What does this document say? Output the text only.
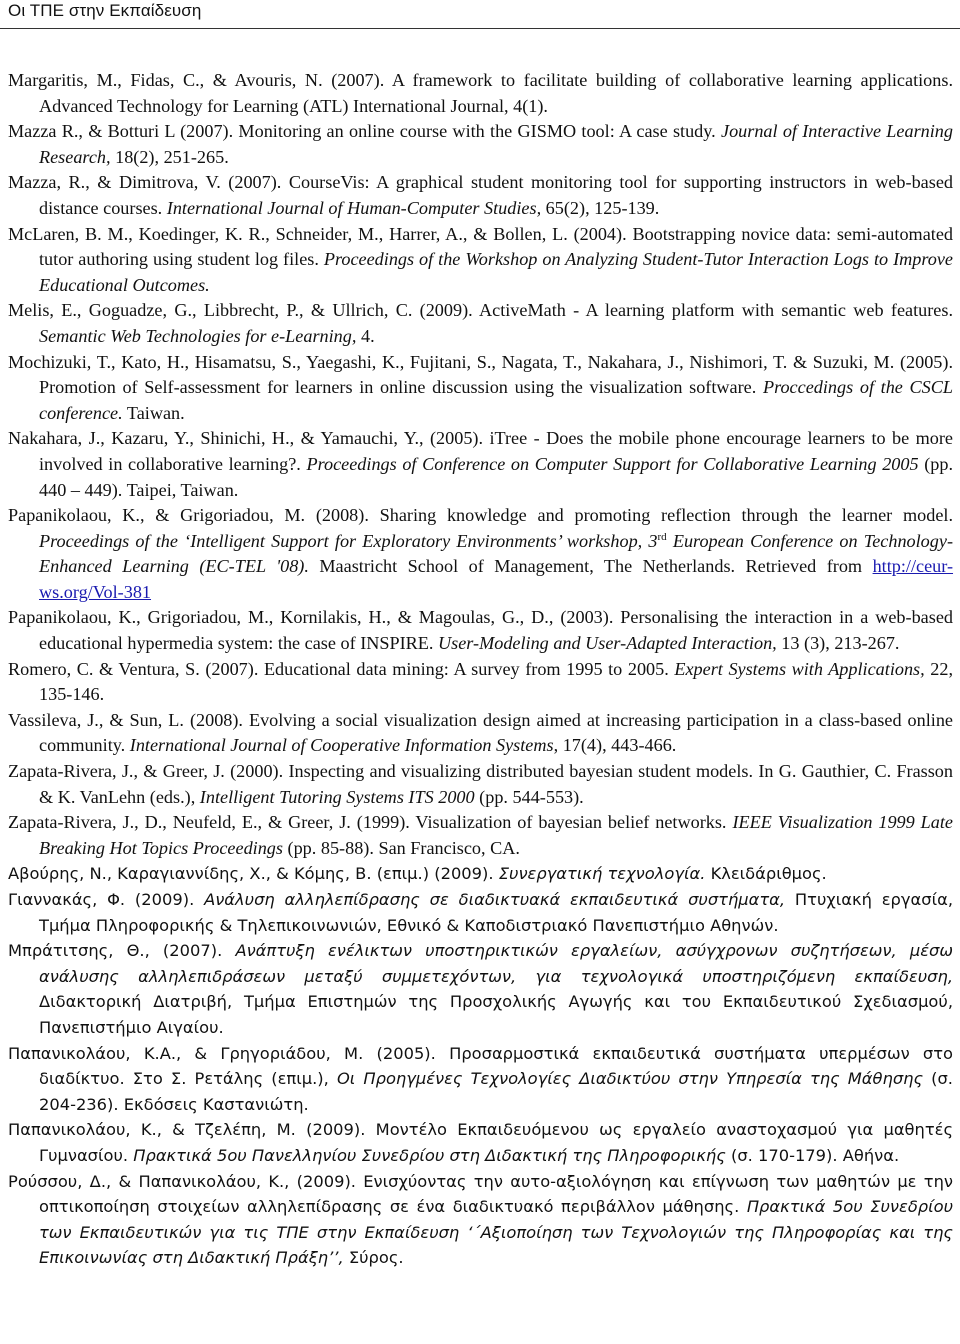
Οι ΤΠΕ στην Εκπαίδευση
Margaritis, M., Fidas, C., & Avouris, N. (2007). A framework to facilitate building of collaborative learning applications. Advanced Technology for Learning (ATL) International Journal, 4(1).
Mazza R., & Botturi L (2007). Monitoring an online course with the GISMO tool: A case study. Journal of Interactive Learning Research, 18(2), 251-265.
Mazza, R., & Dimitrova, V. (2007). CourseVis: A graphical student monitoring tool for supporting instructors in web-based distance courses. International Journal of Human-Computer Studies, 65(2), 125-139.
McLaren, B. M., Koedinger, K. R., Schneider, M., Harrer, A., & Bollen, L. (2004). Bootstrapping novice data: semi-automated tutor authoring using student log files. Proceedings of the Workshop on Analyzing Student-Tutor Interaction Logs to Improve Educational Outcomes.
Melis, E., Goguadze, G., Libbrecht, P., & Ullrich, C. (2009). ActiveMath - A learning platform with semantic web features. Semantic Web Technologies for e-Learning, 4.
Mochizuki, T., Kato, H., Hisamatsu, S., Yaegashi, K., Fujitani, S., Nagata, T., Nakahara, J., Nishimori, T. & Suzuki, M. (2005). Promotion of Self-assessment for learners in online discussion using the visualization software. Proccedings of the CSCL conference. Taiwan.
Nakahara, J., Kazaru, Y., Shinichi, H., & Yamauchi, Y., (2005). iTree - Does the mobile phone encourage learners to be more involved in collaborative learning?. Proceedings of Conference on Computer Support for Collaborative Learning 2005 (pp. 440 – 449). Taipei, Taiwan.
Papanikolaou, K., & Grigoriadou, M. (2008). Sharing knowledge and promoting reflection through the learner model. Proceedings of the ‘Intelligent Support for Exploratory Environments’ workshop, 3rd European Conference on Technology-Enhanced Learning (EC-TEL '08). Maastricht School of Management, The Netherlands. Retrieved from http://ceur-ws.org/Vol-381
Papanikolaou, K., Grigoriadou, M., Kornilakis, H., & Magoulas, G., D., (2003). Personalising the interaction in a web-based educational hypermedia system: the case of INSPIRE. User-Modeling and User-Adapted Interaction, 13 (3), 213-267.
Romero, C. & Ventura, S. (2007). Educational data mining: A survey from 1995 to 2005. Expert Systems with Applications, 22, 135-146.
Vassileva, J., & Sun, L. (2008). Evolving a social visualization design aimed at increasing participation in a class-based online community. International Journal of Cooperative Information Systems, 17(4), 443-466.
Zapata-Rivera, J., & Greer, J. (2000). Inspecting and visualizing distributed bayesian student models. In G. Gauthier, C. Frasson & K. VanLehn (eds.), Intelligent Tutoring Systems ITS 2000 (pp. 544-553).
Zapata-Rivera, J., D., Neufeld, E., & Greer, J. (1999). Visualization of bayesian belief networks. IEEE Visualization 1999 Late Breaking Hot Topics Proceedings (pp. 85-88). San Francisco, CA.
Αβούρης, Ν., Καραγιαννίδης, Χ., & Κόμης, Β. (επιμ.) (2009). Συνεργατική τεχνολογία. Κλειδάριθμος.
Γιαννακάς, Φ. (2009). Ανάλυση αλληλεπίδρασης σε διαδικτυακά εκπαιδευτικά συστήματα, Πτυχιακή εργασία, Τμήμα Πληροφορικής & Τηλεπικοινωνιών, Εθνικό & Καποδιστριακό Πανεπιστήμιο Αθηνών.
Μπράτιτσης, Θ., (2007). Ανάπτυξη ενέλικτων υποστηρικτικών εργαλείων, ασύγχρονων συζητήσεων, μέσω ανάλυσης αλληλεπιδράσεων μεταξύ συμμετεχόντων, για τεχνολογικά υποστηριζόμενη εκπαίδευση, Διδακτορική Διατριβή, Τμήμα Επιστημών της Προσχολικής Αγωγής και του Εκπαιδευτικού Σχεδιασμού, Πανεπιστήμιο Αιγαίου.
Παπανικολάου, Κ.Α., & Γρηγοριάδου, Μ. (2005). Προσαρμοστικά εκπαιδευτικά συστήματα υπερμέσων στο διαδίκτυο. Στο Σ. Ρετάλης (επιμ.), Οι Προηγμένες Τεχνολογίες Διαδικτύου στην Υπηρεσία της Μάθησης (σ. 204-236). Εκδόσεις Καστανιώτη.
Παπανικολάου, Κ., & Τζελέπη, Μ. (2009). Μοντέλο Εκπαιδευόμενου ως εργαλείο αναστοχασμού για μαθητές Γυμνασίου. Πρακτικά 5ου Πανελληνίου Συνεδρίου στη Διδακτική της Πληροφορικής (σ. 170-179). Αθήνα.
Ρούσσου, Δ., & Παπανικολάου, Κ., (2009). Ενισχύοντας την αυτο-αξιολόγηση και επίγνωση των μαθητών με την οπτικοποίηση στοιχείων αλληλεπίδρασης σε ένα διαδικτυακό περιβάλλον μάθησης. Πρακτικά 5ου Συνεδρίου των Εκπαιδευτικών για τις ΤΠΕ στην Εκπαίδευση ‘΄Αξιοποίηση των Τεχνολογιών της Πληροφορίας και της Επικοινωνίας στη Διδακτική Πράξη’’, Σύρος.
